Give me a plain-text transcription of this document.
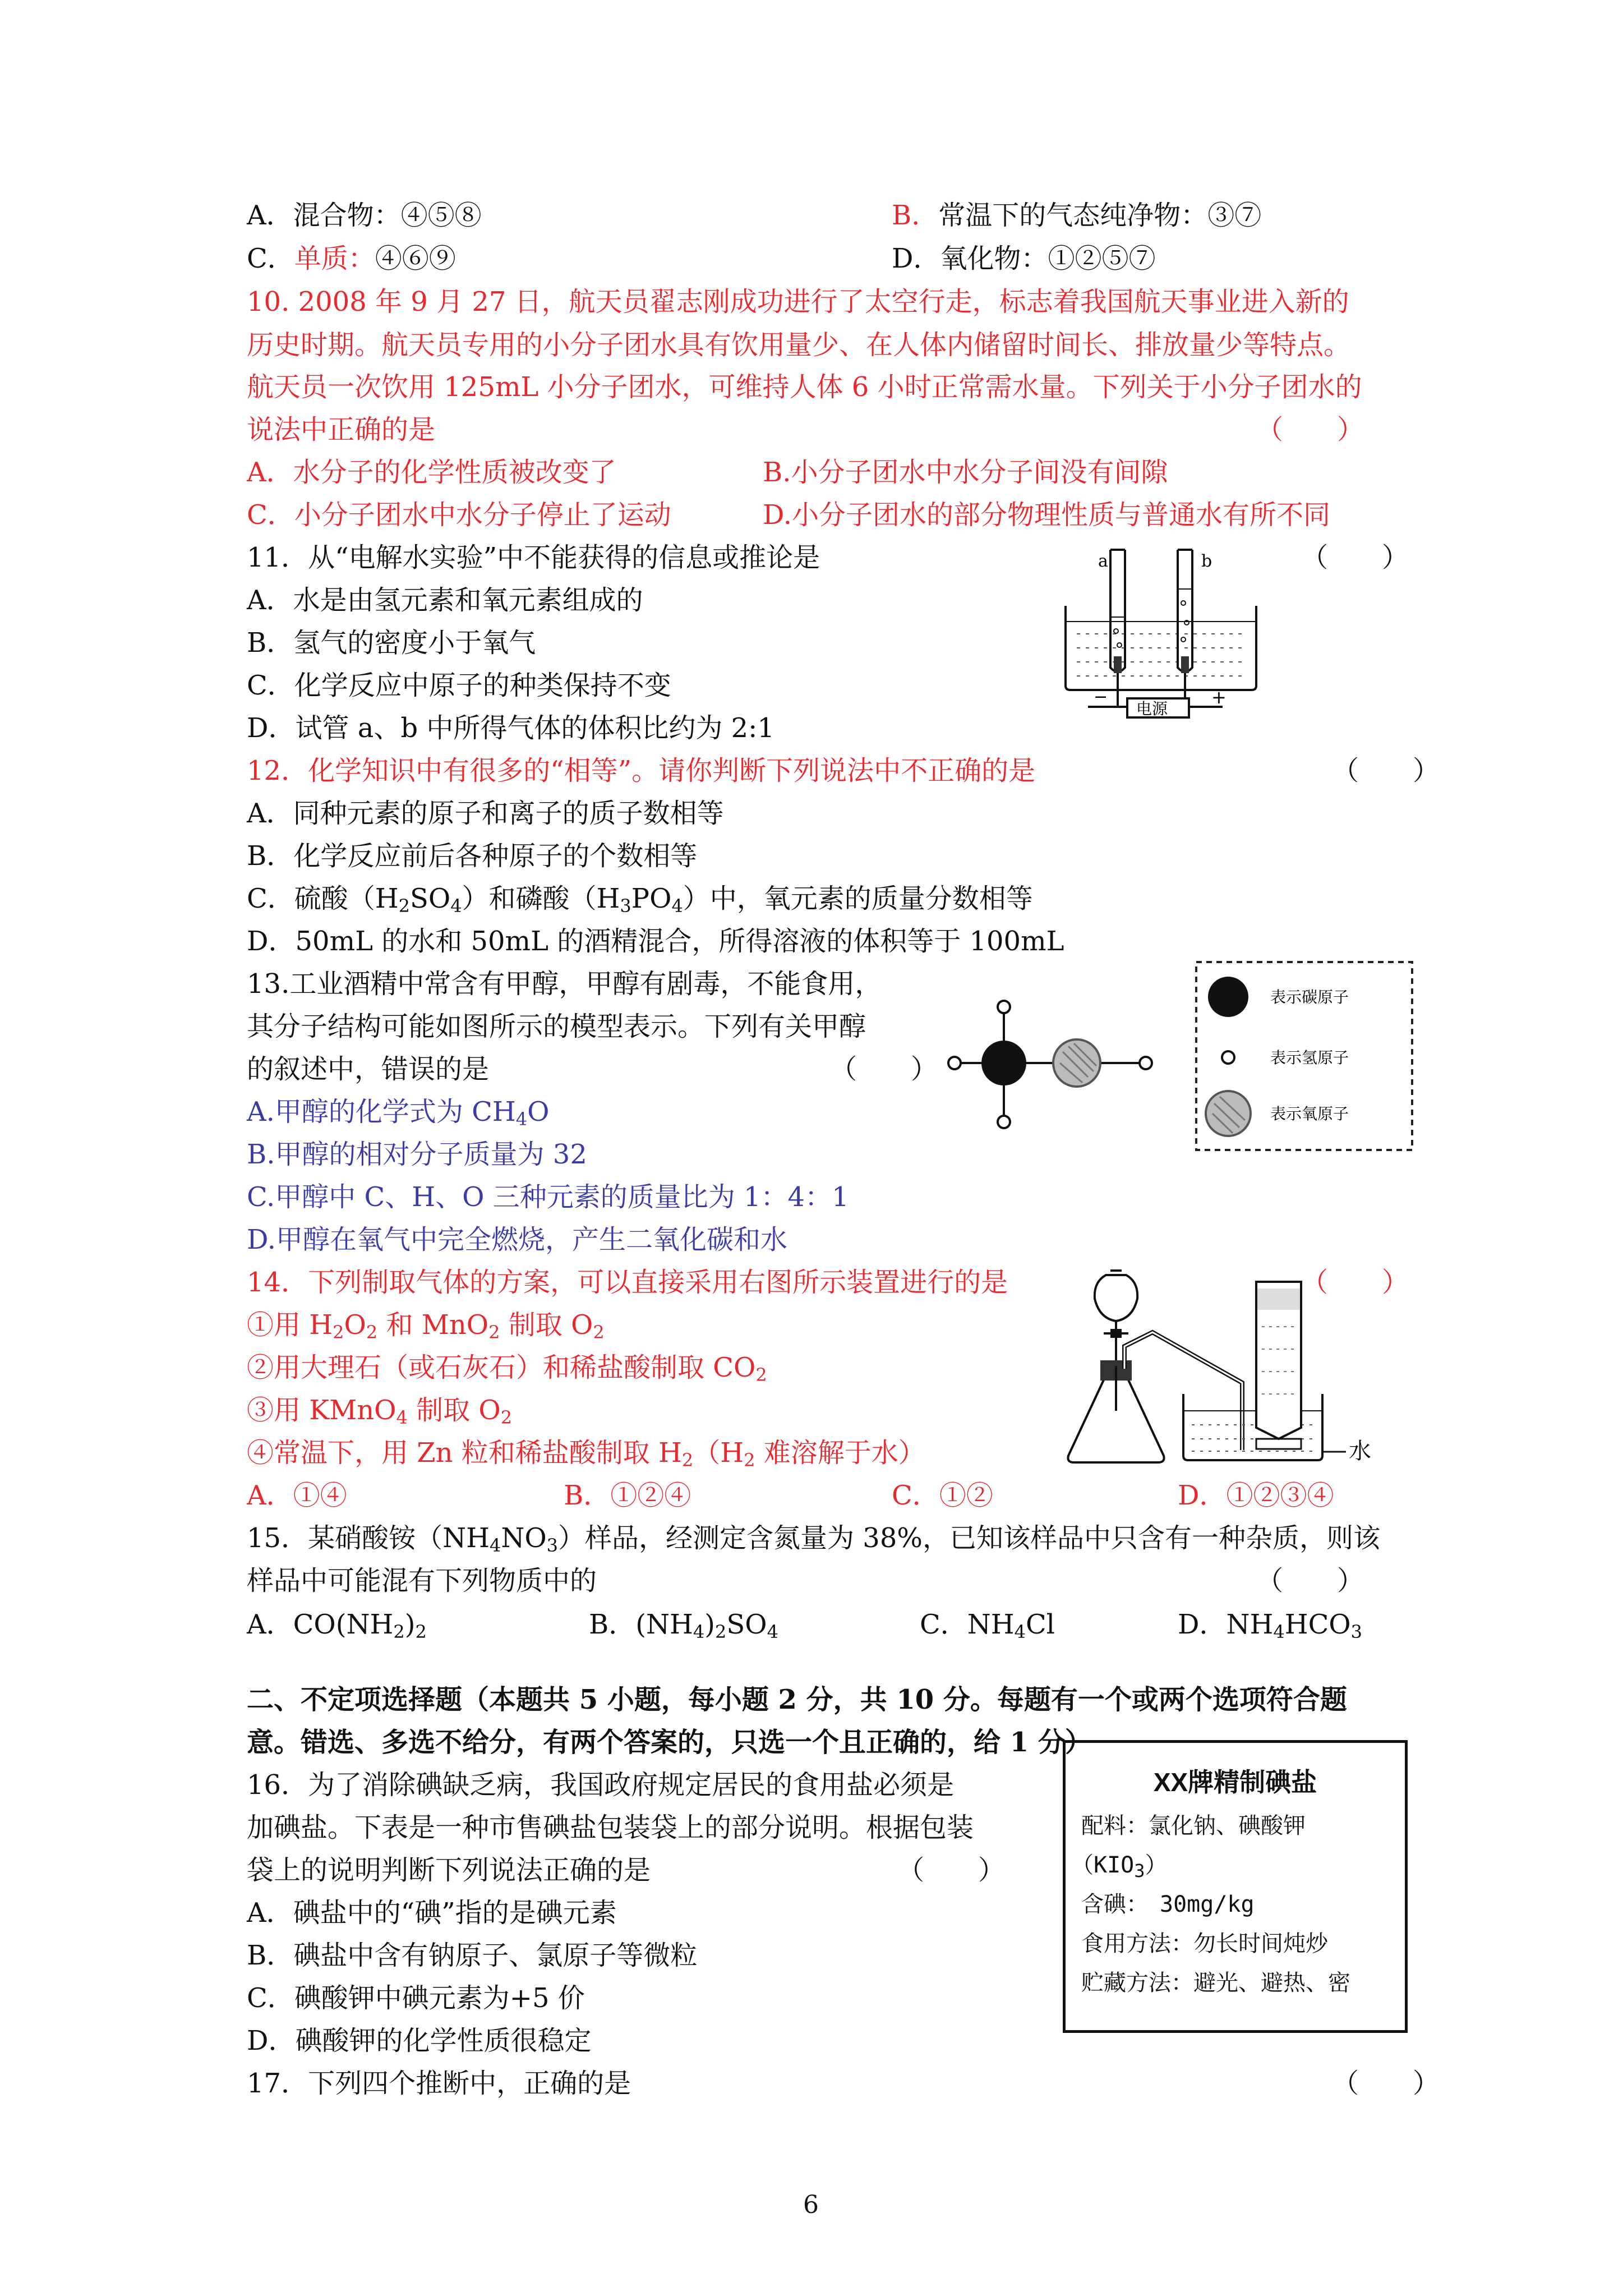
A．混合物：④⑤⑧	B．常温下的气态纯净物：③⑦
C．单质：④⑥⑨	D．氧化物：①②⑤⑦
10. 2008 年 9 月 27 日，航天员翟志刚成功进行了太空行走，标志着我国航天事业进入新的
历史时期。航天员专用的小分子团水具有饮用量少、在人体内储留时间长、排放量少等特点。
航天员一次饮用 125mL 小分子团水，可维持人体 6 小时正常需水量。下列关于小分子团水的
说法中正确的是	（　　）
A．水分子的化学性质被改变了	B.小分子团水中水分子间没有间隙
C．小分子团水中水分子停止了运动	D.小分子团水的部分物理性质与普通水有所不同
11．从“电解水实验”中不能获得的信息或推论是	（　　）
A．水是由氢元素和氧元素组成的
B．氢气的密度小于氧气
C．化学反应中原子的种类保持不变
D．试管 a、b 中所得气体的体积比约为 2:1
a	b
电源
−	+
12．化学知识中有很多的“相等”。请你判断下列说法中不正确的是	（　　）
A．同种元素的原子和离子的质子数相等
B．化学反应前后各种原子的个数相等
C．硫酸$(H_2SO_4)$和磷酸$(H_3PO_4)$中，氧元素的质量分数相等
D．50mL 的水和 50mL 的酒精混合，所得溶液的体积等于 100mL
13.工业酒精中常含有甲醇，甲醇有剧毒，不能食用，
其分子结构可能如图所示的模型表示。下列有关甲醇
的叙述中，错误的是	（　　）
A.甲醇的化学式为 $CH_4O$
B.甲醇的相对分子质量为 32
C.甲醇中 C、H、O 三种元素的质量比为 1：4：1
D.甲醇在氧气中完全燃烧，产生二氧化碳和水
表示碳原子
表示氢原子
表示氧原子
14．下列制取气体的方案，可以直接采用右图所示装置进行的是	（　　）
①用 $H_2O_2$ 和 MnO$_2$ 制取 $O_2$
②用大理石（或石灰石）和稀盐酸制取 $CO_2$
③用 KMnO$_4$ 制取 $O_2$
④常温下，用 Zn 粒和稀盐酸制取 $H_2(H_2$ 难溶解于水）
A．①④	B．①②④	C．①②	D．①②③④
水
15．某硝酸铵$(NH_4NO_3)$样品，经测定含氮量为 38%，已知该样品中只含有一种杂质，则该
样品中可能混有下列物质中的	（　　）
A．$CO(NH_2)_2$	B．$(NH_4)_2SO_4$	C．$NH_4Cl$	D．$NH_4HCO_3$
二、不定项选择题（本题共 5 小题，每小题 2 分，共 10 分。每题有一个或两个选项符合题
意。错选、多选不给分，有两个答案的，只选一个且正确的，给 1 分）
16．为了消除碘缺乏病，我国政府规定居民的食用盐必须是
加碘盐。下表是一种市售碘盐包装袋上的部分说明。根据包装
袋上的说明判断下列说法正确的是	（　　）
A．碘盐中的“碘”指的是碘元素
B．碘盐中含有钠原子、氯原子等微粒
C．碘酸钾中碘元素为+5 价
D．碘酸钾的化学性质很稳定
XX牌精制碘盐
配料：氯化钠、碘酸钾
$(KIO_3)$
含碘：　30mg/kg
食用方法：勿长时间炖炒
贮藏方法：避光、避热、密
17．下列四个推断中，正确的是	（　　）
6
